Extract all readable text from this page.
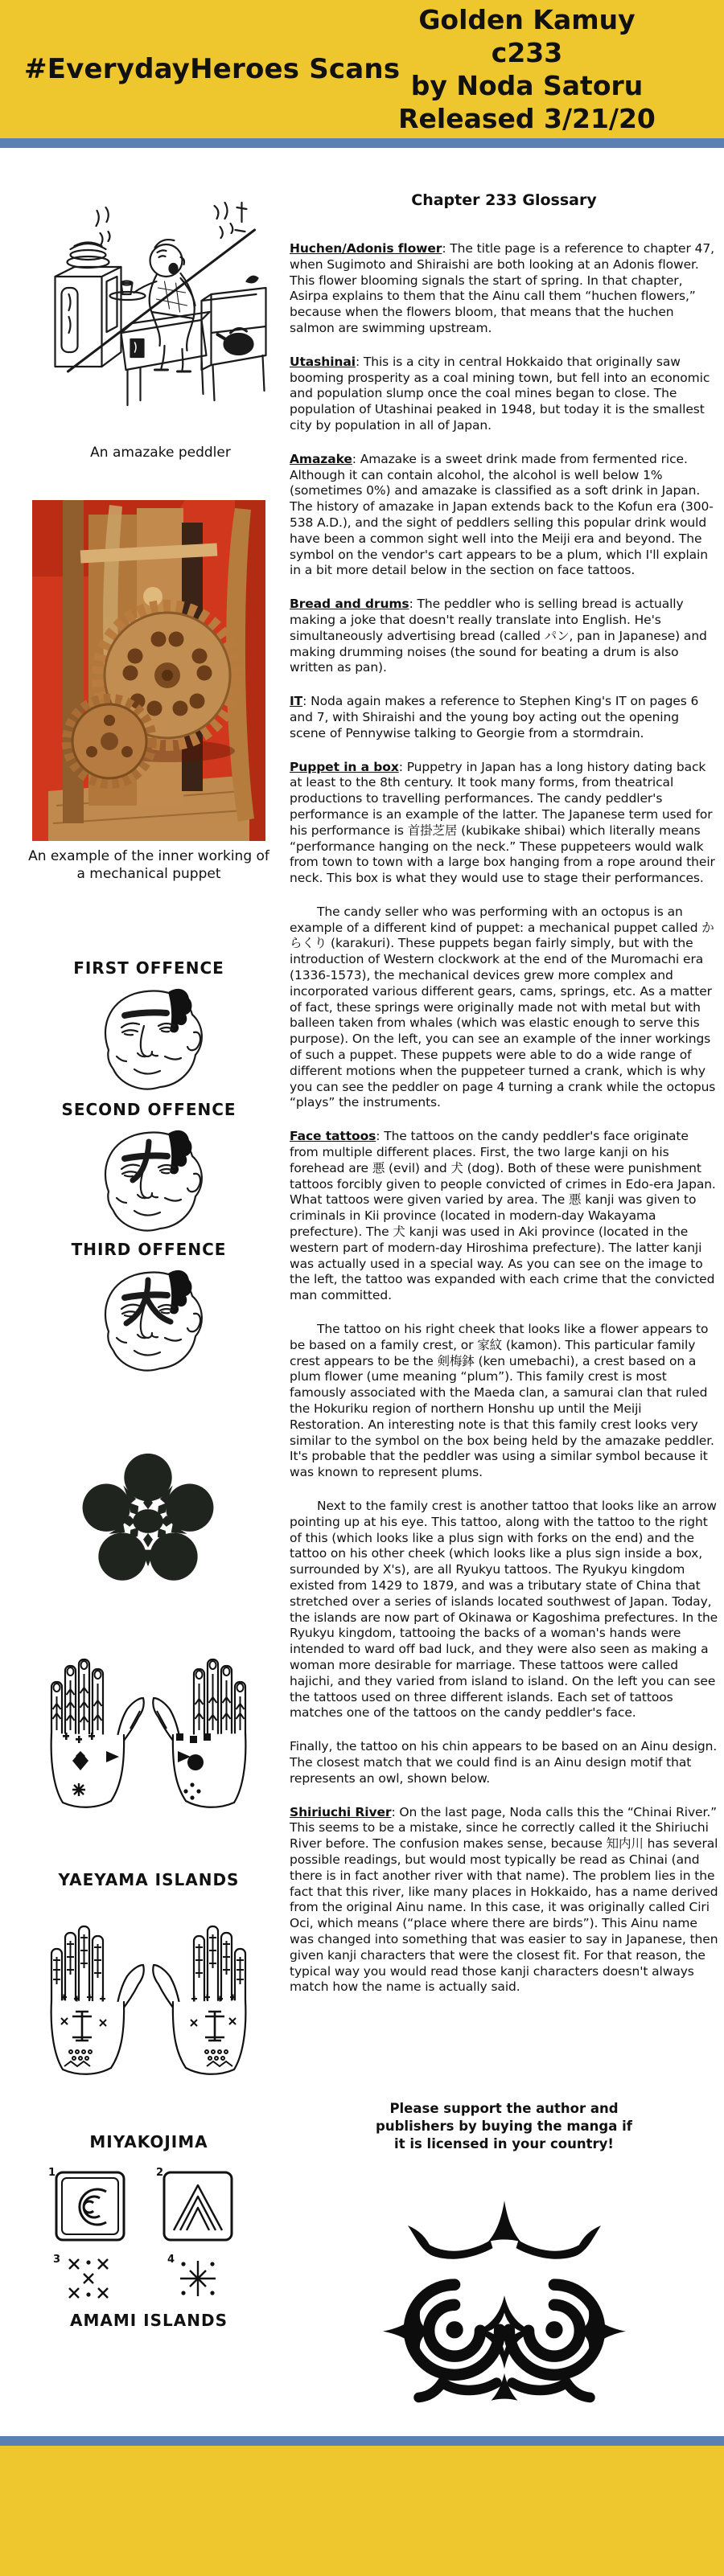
#EverydayHeroes Scans
Golden Kamuy c233
by Noda Satoru
Released 3/21/20
An amazake peddler
An example of the inner working of a mechanical puppet
FIRST OFFENCE
SECOND OFFENCE
THIRD OFFENCE
YAEYAMA ISLANDS
MIYAKOJIMA
1	2
3	4
AMAMI ISLANDS
Chapter 233 Glossary

Huchen/Adonis flower: The title page is a reference to chapter 47, when Sugimoto and Shiraishi are both looking at an Adonis flower. This flower blooming signals the start of spring. In that chapter, Asirpa explains to them that the Ainu call them “huchen flowers,” because when the flowers bloom, that means that the huchen salmon are swimming upstream.

Utashinai: This is a city in central Hokkaido that originally saw booming prosperity as a coal mining town, but fell into an economic and population slump once the coal mines began to close. The population of Utashinai peaked in 1948, but today it is the smallest city by population in all of Japan.

Amazake: Amazake is a sweet drink made from fermented rice. Although it can contain alcohol, the alcohol is well below 1% (sometimes 0%) and amazake is classified as a soft drink in Japan. The history of amazake in Japan extends back to the Kofun era (300-538 A.D.), and the sight of peddlers selling this popular drink would have been a common sight well into the Meiji era and beyond. The symbol on the vendor's cart appears to be a plum, which I'll explain in a bit more detail below in the section on face tattoos.

Bread and drums: The peddler who is selling bread is actually making a joke that doesn't really translate into English. He's simultaneously advertising bread (called パン, pan in Japanese) and making drumming noises (the sound for beating a drum is also written as pan).

IT: Noda again makes a reference to Stephen King's IT on pages 6 and 7, with Shiraishi and the young boy acting out the opening scene of Pennywise talking to Georgie from a stormdrain.

Puppet in a box: Puppetry in Japan has a long history dating back at least to the 8th century. It took many forms, from theatrical productions to travelling performances. The candy peddler's performance is an example of the latter. The Japanese term used for his performance is 首掛芝居 (kubikake shibai) which literally means “performance hanging on the neck.” These puppeteers would walk from town to town with a large box hanging from a rope around their neck. This box is what they would use to stage their performances.

The candy seller who was performing with an octopus is an example of a different kind of puppet: a mechanical puppet called からくり (karakuri). These puppets began fairly simply, but with the introduction of Western clockwork at the end of the Muromachi era (1336-1573), the mechanical devices grew more complex and incorporated various different gears, cams, springs, etc. As a matter of fact, these springs were originally made not with metal but with balleen taken from whales (which was elastic enough to serve this purpose). On the left, you can see an example of the inner workings of such a puppet. These puppets were able to do a wide range of different motions when the puppeteer turned a crank, which is why you can see the peddler on page 4 turning a crank while the octopus “plays” the instruments.

Face tattoos: The tattoos on the candy peddler's face originate from multiple different places. First, the two large kanji on his forehead are 悪 (evil) and 犬 (dog). Both of these were punishment tattoos forcibly given to people convicted of crimes in Edo-era Japan. What tattoos were given varied by area. The 悪 kanji was given to criminals in Kii province (located in modern-day Wakayama prefecture). The 犬 kanji was used in Aki province (located in the western part of modern-day Hiroshima prefecture). The latter kanji was actually used in a special way. As you can see on the image to the left, the tattoo was expanded with each crime that the convicted man committed.

The tattoo on his right cheek that looks like a flower appears to be based on a family crest, or 家紋 (kamon). This particular family crest appears to be the 剣梅鉢 (ken umebachi), a crest based on a plum flower (ume meaning “plum”). This family crest is most famously associated with the Maeda clan, a samurai clan that ruled the Hokuriku region of northern Honshu up until the Meiji Restoration. An interesting note is that this family crest looks very similar to the symbol on the box being held by the amazake peddler. It's probable that the peddler was using a similar symbol because it was known to represent plums.

Next to the family crest is another tattoo that looks like an arrow pointing up at his eye. This tattoo, along with the tattoo to the right of this (which looks like a plus sign with forks on the end) and the tattoo on his other cheek (which looks like a plus sign inside a box, surrounded by X's), are all Ryukyu tattoos. The Ryukyu kingdom existed from 1429 to 1879, and was a tributary state of China that stretched over a series of islands located southwest of Japan. Today, the islands are now part of Okinawa or Kagoshima prefectures. In the Ryukyu kingdom, tattooing the backs of a woman's hands were intended to ward off bad luck, and they were also seen as making a woman more desirable for marriage. These tattoos were called hajichi, and they varied from island to island. On the left you can see the tattoos used on three different islands. Each set of tattoos matches one of the tattoos on the candy peddler's face.

Finally, the tattoo on his chin appears to be based on an Ainu design. The closest match that we could find is an Ainu design motif that represents an owl, shown below.

Shiriuchi River: On the last page, Noda calls this the “Chinai River.” This seems to be a mistake, since he correctly called it the Shiriuchi River before. The confusion makes sense, because 知内川 has several possible readings, but would most typically be read as Chinai (and there is in fact another river with that name). The problem lies in the fact that this river, like many places in Hokkaido, has a name derived from the original Ainu name. In this case, it was originally called Ciri Oci, which means (“place where there are birds”). This Ainu name was changed into something that was easier to say in Japanese, then given kanji characters that were the closest fit. For that reason, the typical way you would read those kanji characters doesn't always match how the name is actually said.

Please support the author and publishers by buying the manga if it is licensed in your country!
